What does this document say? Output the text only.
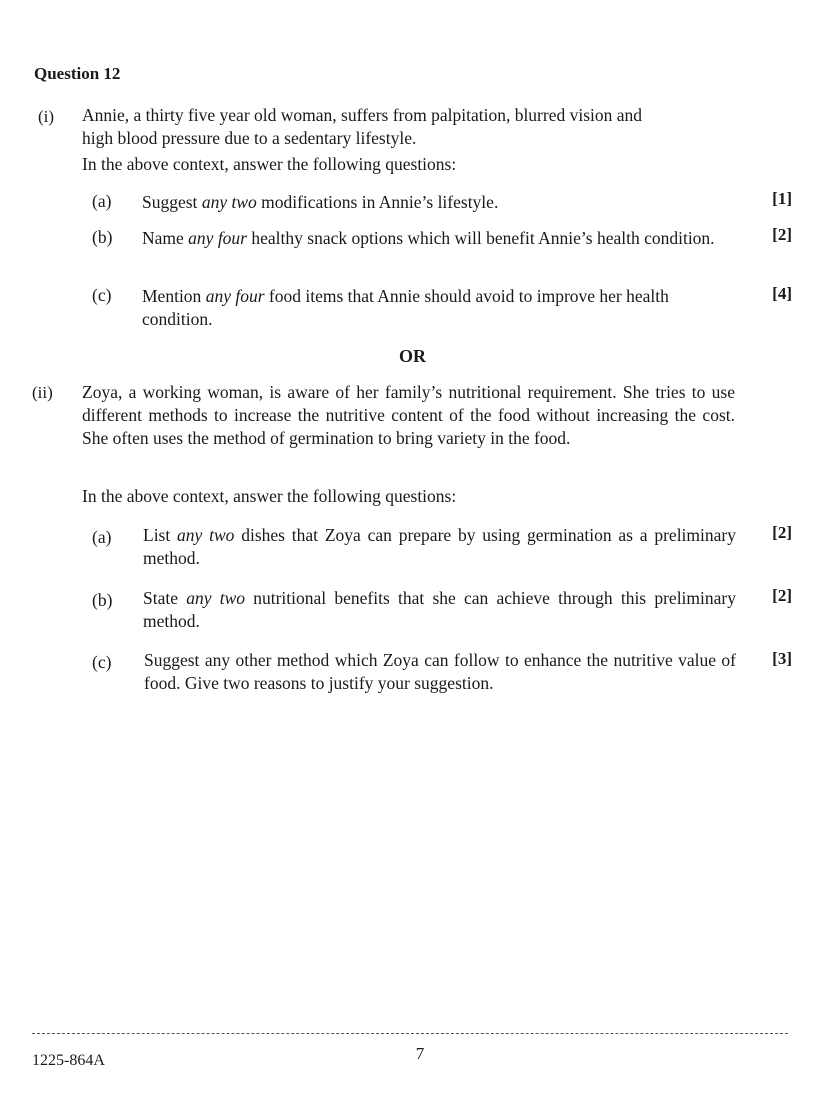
Question 12
(i) Annie, a thirty five year old woman, suffers from palpitation, blurred vision and
high blood pressure due to a sedentary lifestyle.
In the above context, answer the following questions:
(a) Suggest any two modifications in Annie’s lifestyle.	[1]
(b) Name any four healthy snack options which will benefit Annie’s health condition.	[2]
(c) Mention any four food items that Annie should avoid to improve her health condition.
[4]
OR
(ii) Zoya, a working woman, is aware of her family’s nutritional requirement. She tries to use different methods to increase the nutritive content of the food without increasing the cost. She often uses the method of germination to bring variety in the food.
In the above context, answer the following questions:
(a) List any two dishes that Zoya can prepare by using germination as a preliminary method.
[2]
(b) State any two nutritional benefits that she can achieve through this preliminary method.
[2]
(c) Suggest any other method which Zoya can follow to enhance the nutritive value of food. Give two reasons to justify your suggestion.
[3]
1225-864A	7
